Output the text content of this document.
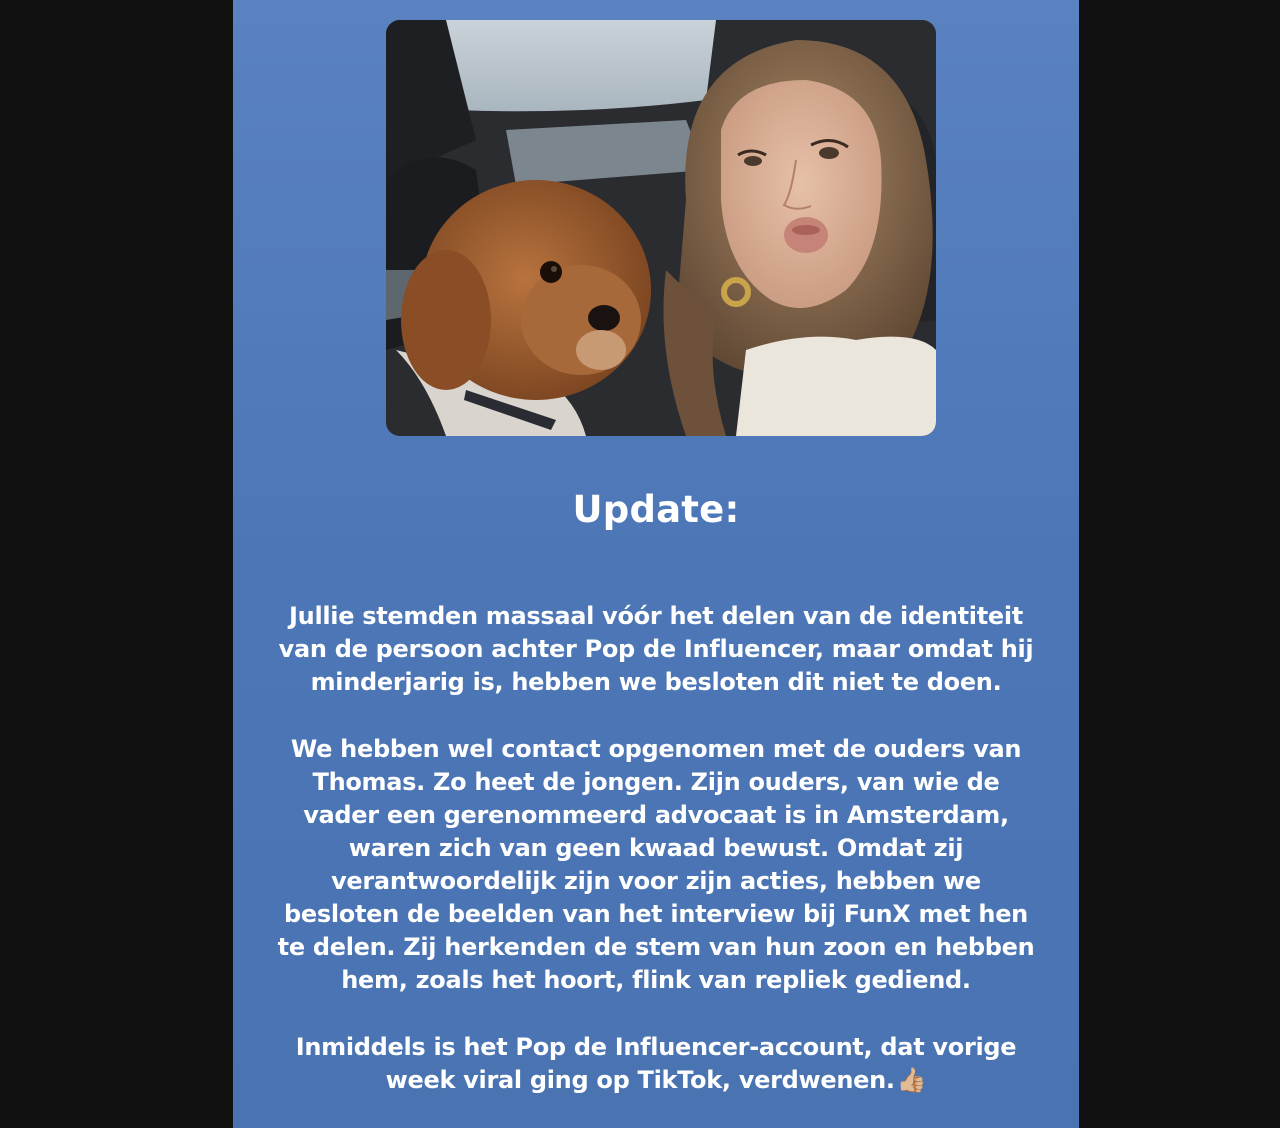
Update:
Jullie stemden massaal vóór het delen van de identiteit
van de persoon achter Pop de Influencer, maar omdat hij
minderjarig is, hebben we besloten dit niet te doen.
We hebben wel contact opgenomen met de ouders van
Thomas. Zo heet de jongen. Zijn ouders, van wie de
vader een gerenommeerd advocaat is in Amsterdam,
waren zich van geen kwaad bewust. Omdat zij
verantwoordelijk zijn voor zijn acties, hebben we
besloten de beelden van het interview bij FunX met hen
te delen. Zij herkenden de stem van hun zoon en hebben
hem, zoals het hoort, flink van repliek gediend.
Inmiddels is het Pop de Influencer-account, dat vorige
week viral ging op TikTok, verdwenen.👍🏼
